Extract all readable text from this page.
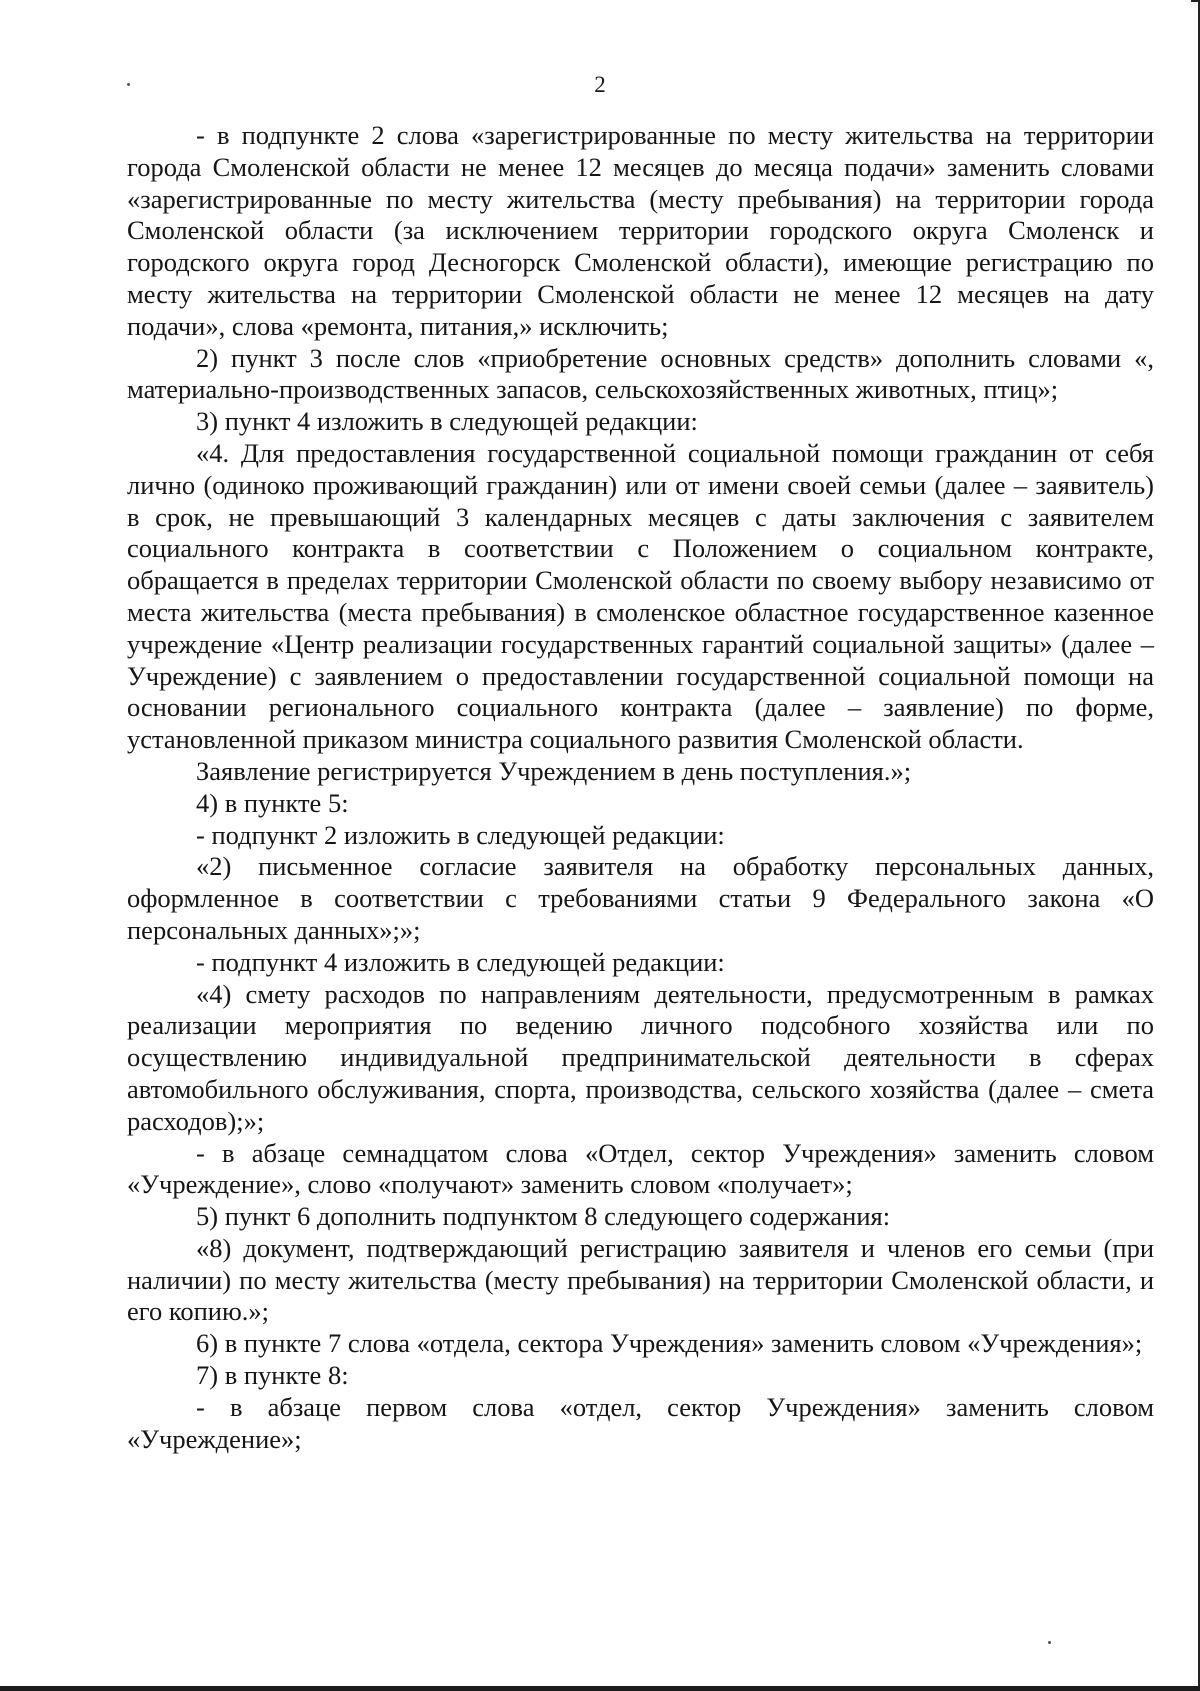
2

- в подпункте 2 слова «зарегистрированные по месту жительства на территории города Смоленской области не менее 12 месяцев до месяца подачи» заменить словами «зарегистрированные по месту жительства (месту пребывания) на территории города Смоленской области (за исключением территории городского округа Смоленск и городского округа город Десногорск Смоленской области), имеющие регистрацию по месту жительства на территории Смоленской области не менее 12 месяцев на дату подачи», слова «ремонта, питания,» исключить;

2) пункт 3 после слов «приобретение основных средств» дополнить словами «, материально-производственных запасов, сельскохозяйственных животных, птиц»;

3) пункт 4 изложить в следующей редакции:

«4. Для предоставления государственной социальной помощи гражданин от себя лично (одиноко проживающий гражданин) или от имени своей семьи (далее – заявитель) в срок, не превышающий 3 календарных месяцев с даты заключения с заявителем социального контракта в соответствии с Положением о социальном контракте, обращается в пределах территории Смоленской области по своему выбору независимо от места жительства (места пребывания) в смоленское областное государственное казенное учреждение «Центр реализации государственных гарантий социальной защиты» (далее – Учреждение) с заявлением о предоставлении государственной социальной помощи на основании регионального социального контракта (далее – заявление) по форме, установленной приказом министра социального развития Смоленской области.

Заявление регистрируется Учреждением в день поступления.»;

4) в пункте 5:

- подпункт 2 изложить в следующей редакции:

«2) письменное согласие заявителя на обработку персональных данных, оформленное в соответствии с требованиями статьи 9 Федерального закона «О персональных данных»;»;

- подпункт 4 изложить в следующей редакции:

«4) смету расходов по направлениям деятельности, предусмотренным в рамках реализации мероприятия по ведению личного подсобного хозяйства или по осуществлению индивидуальной предпринимательской деятельности в сферах автомобильного обслуживания, спорта, производства, сельского хозяйства (далее – смета расходов);»;

- в абзаце семнадцатом слова «Отдел, сектор Учреждения» заменить словом «Учреждение», слово «получают» заменить словом «получает»;

5) пункт 6 дополнить подпунктом 8 следующего содержания:

«8) документ, подтверждающий регистрацию заявителя и членов его семьи (при наличии) по месту жительства (месту пребывания) на территории Смоленской области, и его копию.»;

6) в пункте 7 слова «отдела, сектора Учреждения» заменить словом «Учреждения»;

7) в пункте 8:

- в абзаце первом слова «отдел, сектор Учреждения» заменить словом «Учреждение»;
